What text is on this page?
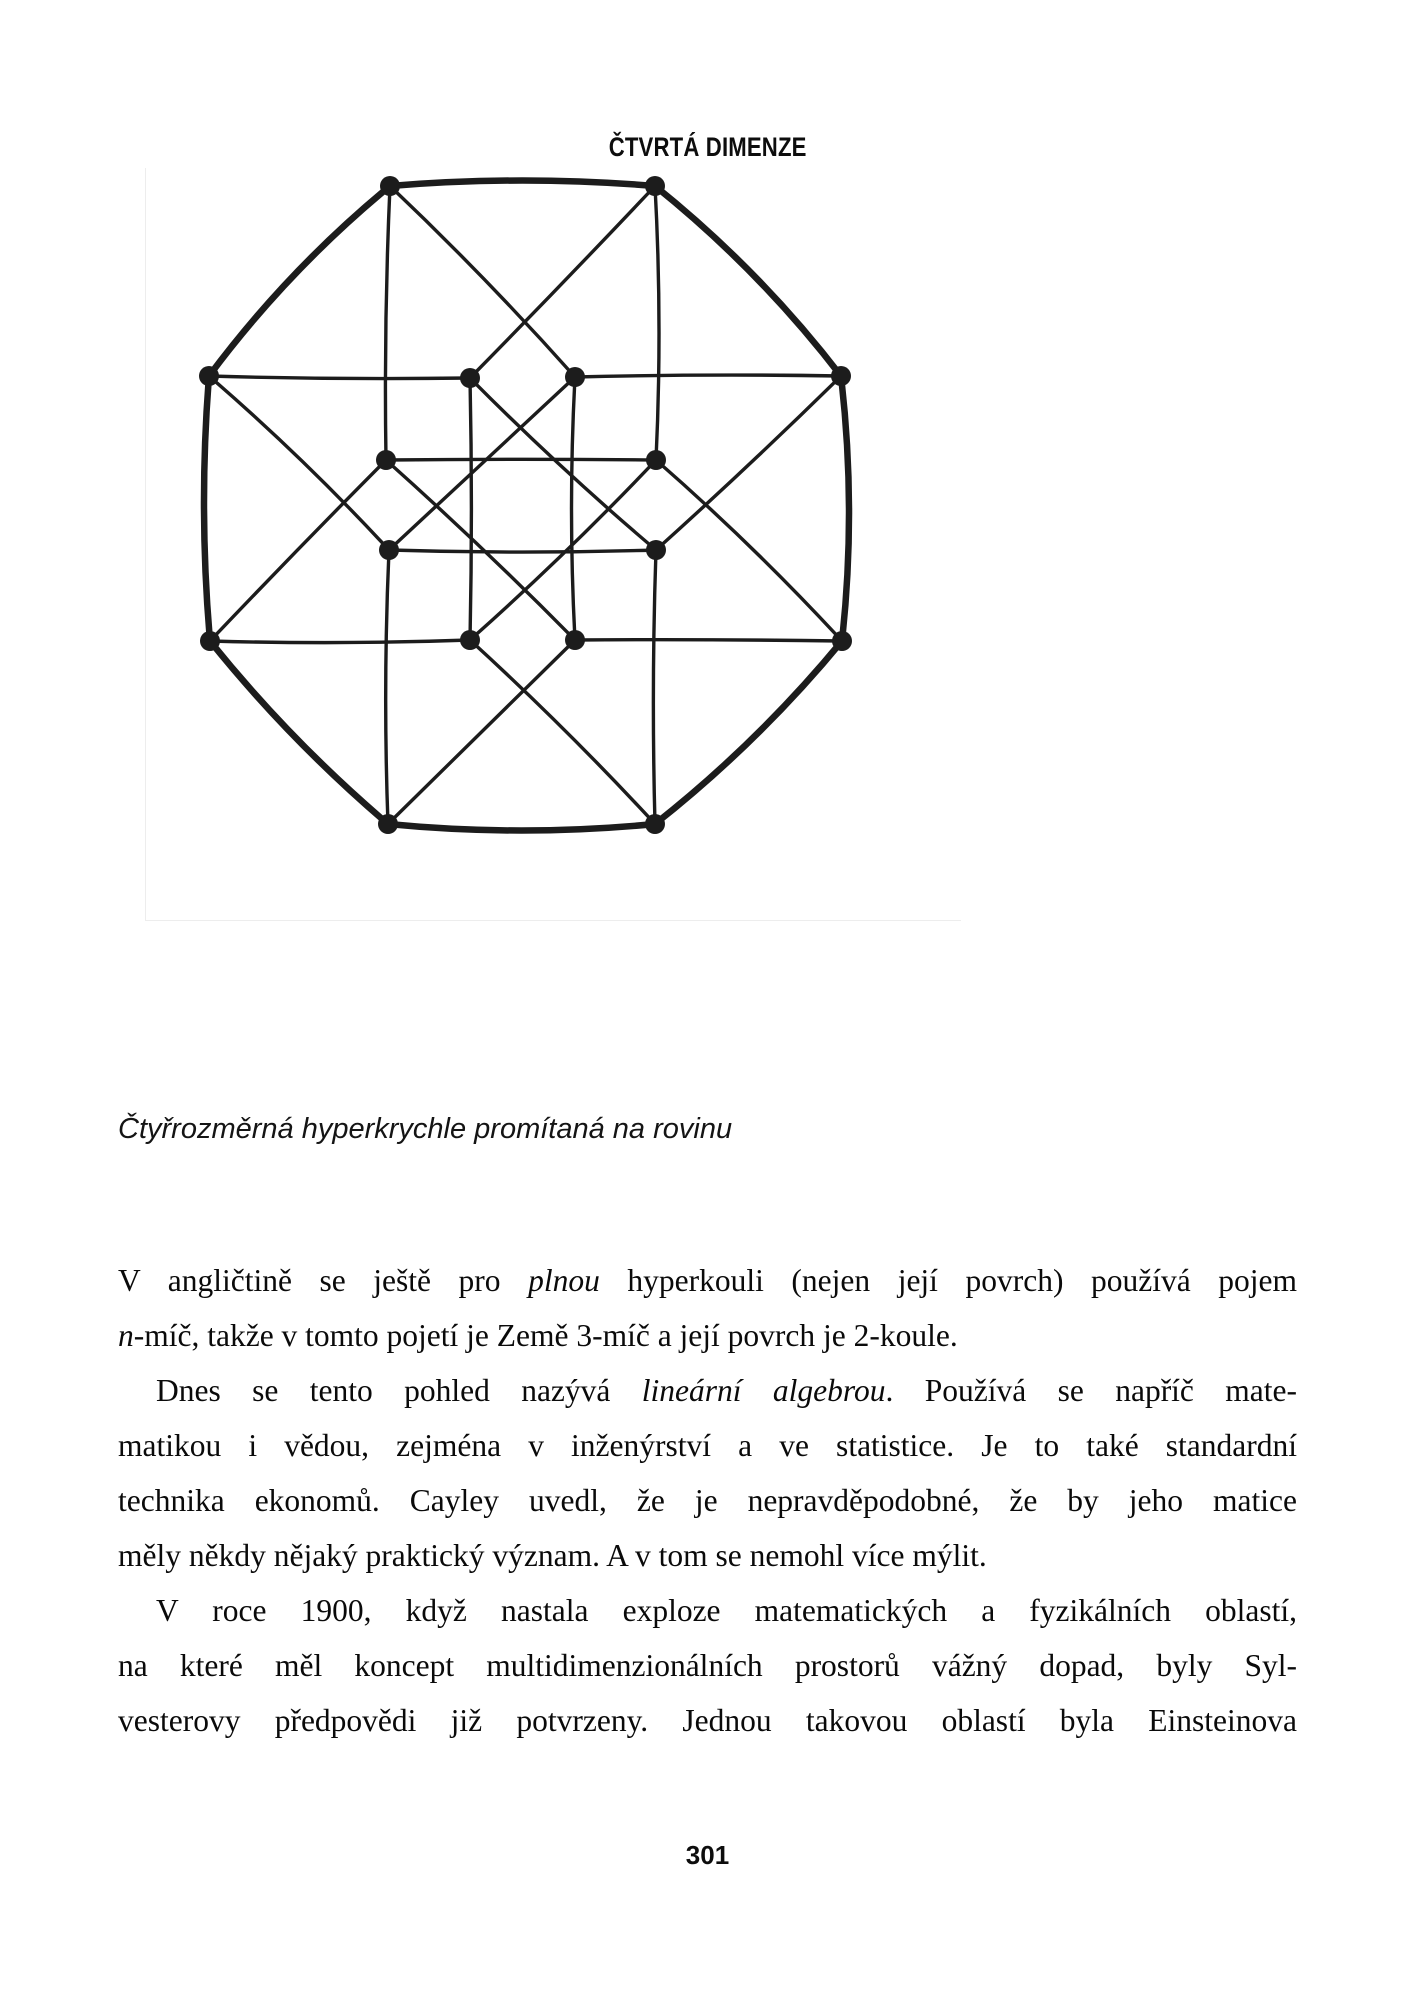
ČTVRTÁ DIMENZE
Čtyřrozměrná hyperkrychle promítaná na rovinu
V angličtině se ještě pro plnou hyperkouli (nejen její povrch) používá pojem
n-míč, takže v tomto pojetí je Země 3-míč a její povrch je 2-koule.
Dnes se tento pohled nazývá lineární algebrou. Používá se napříč mate-
matikou i vědou, zejména v inženýrství a ve statistice. Je to také standardní
technika ekonomů. Cayley uvedl, že je nepravděpodobné, že by jeho matice
měly někdy nějaký praktický význam. A v tom se nemohl více mýlit.
V roce 1900, když nastala exploze matematických a fyzikálních oblastí,
na které měl koncept multidimenzionálních prostorů vážný dopad, byly Syl-
vesterovy předpovědi již potvrzeny. Jednou takovou oblastí byla Einsteinova
301
